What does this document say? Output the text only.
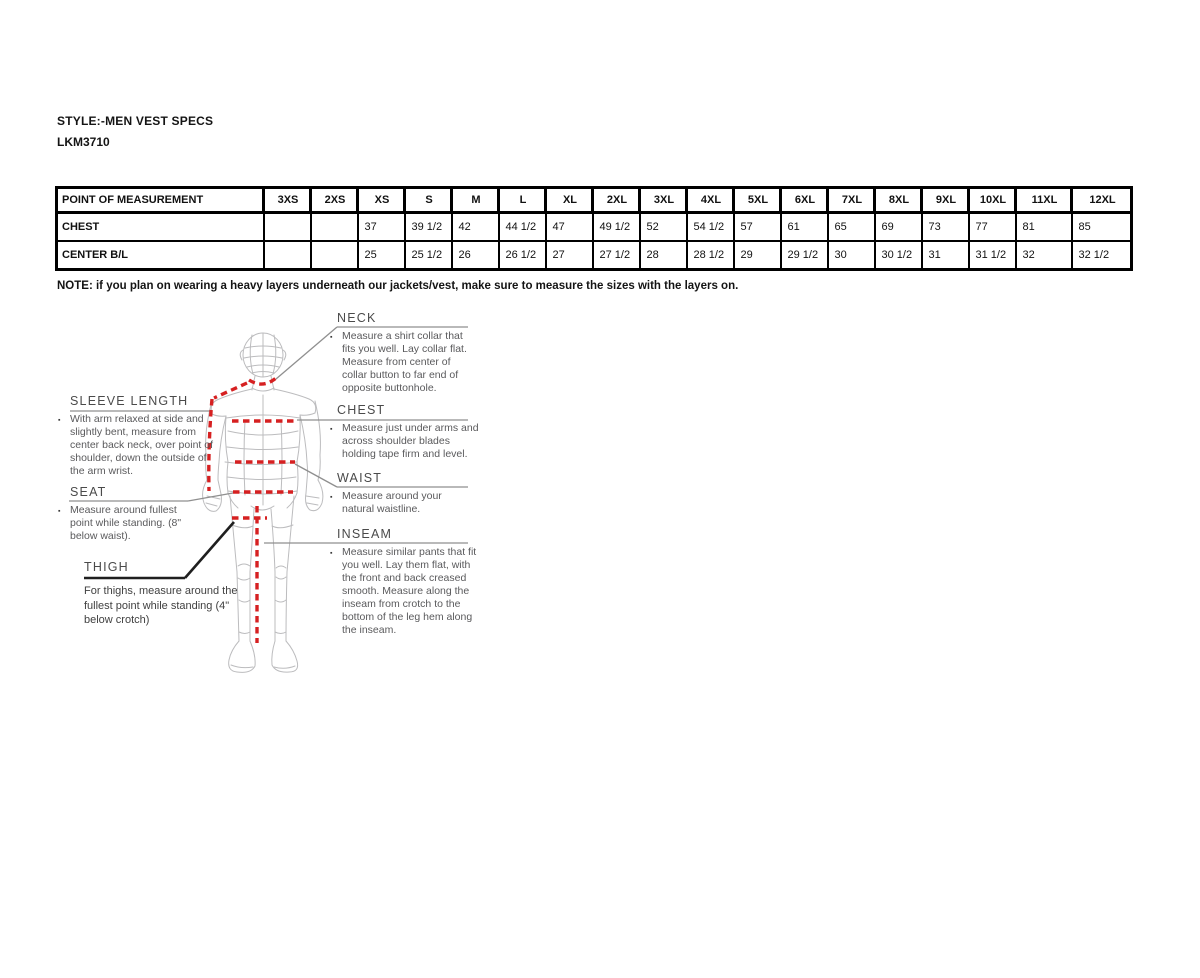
STYLE:-MEN VEST SPECS
LKM3710
POINT OF MEASUREMENT	3XS	2XS	XS	S	M	L	XL	2XL	3XL	4XL	5XL	6XL	7XL	8XL	9XL	10XL	11XL	12XL
CHEST			37	39 1/2	42	44 1/2	47	49 1/2	52	54 1/2	57	61	65	69	73	77	81	85
CENTER B/L			25	25 1/2	26	26 1/2	27	27 1/2	28	28 1/2	29	29 1/2	30	30 1/2	31	31 1/2	32	32 1/2
NOTE: if you plan on wearing a heavy layers underneath our jackets/vest, make sure to measure the sizes with the layers on.
NECK
▪ Measure a shirt collar that fits you well. Lay collar flat. Measure from center of collar button to far end of opposite buttonhole.
CHEST
▪ Measure just under arms and across shoulder blades holding tape firm and level.
WAIST
▪ Measure around your natural waistline.
INSEAM
▪ Measure similar pants that fit you well. Lay them flat, with the front and back creased smooth. Measure along the inseam from crotch to the bottom of the leg hem along the inseam.
SLEEVE LENGTH
▪ With arm relaxed at side and slightly bent, measure from center back neck, over point of shoulder, down the outside of the arm wrist.
SEAT
▪ Measure around fullest point while standing. (8" below waist).
THIGH
For thighs, measure around the fullest point while standing (4" below crotch)
